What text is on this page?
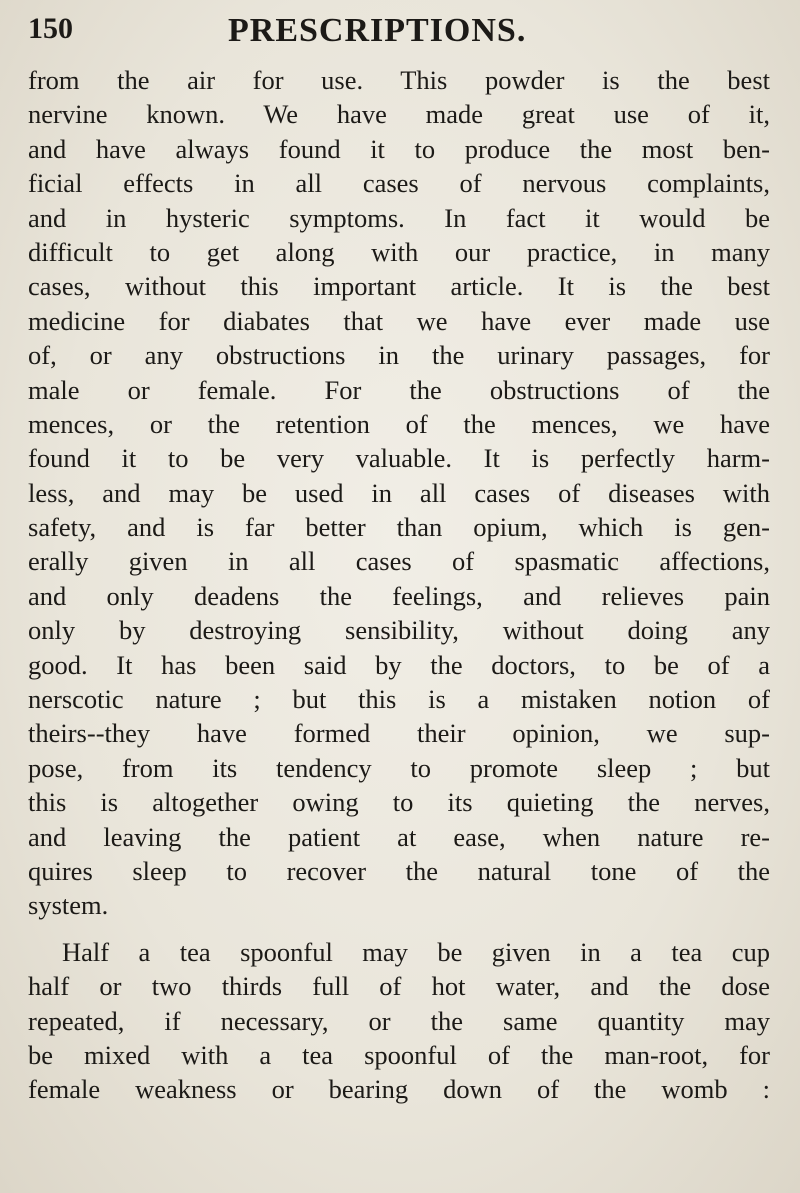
150	PRESCRIPTIONS.
from the air for use. This powder is the best
nervine known. We have made great use of it,
and have always found it to produce the most ben-
ficial effects in all cases of nervous complaints,
and in hysteric symptoms. In fact it would be
difficult to get along with our practice, in many
cases, without this important article. It is the best
medicine for diabates that we have ever made use
of, or any obstructions in the urinary passages, for
male or female. For the obstructions of the
mences, or the retention of the mences, we have
found it to be very valuable. It is perfectly harm-
less, and may be used in all cases of diseases with
safety, and is far better than opium, which is gen-
erally given in all cases of spasmatic affections,
and only deadens the feelings, and relieves pain
only by destroying sensibility, without doing any
good. It has been said by the doctors, to be of a
nerscotic nature ; but this is a mistaken notion of
theirs--they have formed their opinion, we sup-
pose, from its tendency to promote sleep ; but
this is altogether owing to its quieting the nerves,
and leaving the patient at ease, when nature re-
quires sleep to recover the natural tone of the
system.
Half a tea spoonful may be given in a tea cup
half or two thirds full of hot water, and the dose
repeated, if necessary, or the same quantity may
be mixed with a tea spoonful of the man-root, for
female weakness or bearing down of the womb :
